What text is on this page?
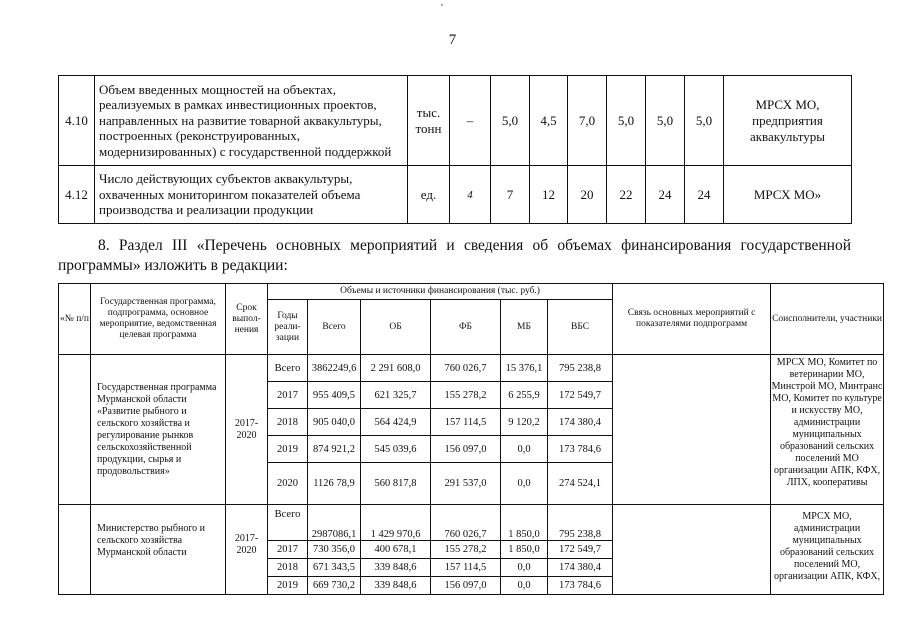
7
4.10	Объем введенных мощностей на объектах, реализуемых в рамках инвестиционных проектов, направленных на развитие товарной аквакультуры, построенных (реконструированных, модернизированных) с государственной поддержкой	тыс. тонн	–	5,0	4,5	7,0	5,0	5,0	5,0	МРСХ МО, предприятия аквакультуры
4.12	Число действующих субъектов аквакультуры, охваченных мониторингом показателей объема производства и реализации продукции	ед.	4	7	12	20	22	24	24	МРСХ МО»
8. Раздел III «Перечень основных мероприятий и сведения об объемах финансирования государственной
программы» изложить в редакции:
«№ п/п	Государственная программа, подпрограмма, основное мероприятие, ведомственная целевая программа	Срок выпол-нения	Объемы и источники финансирования (тыс. руб.)						Связь основных мероприятий с показателями подпрограмм	Соисполнители, участники
			Годы реали-зации	Всего	ОБ	ФБ	МБ	ВБС		
	Государственная программа Мурманской области «Развитие рыбного и сельского хозяйства и регулирование рынков сельскохозяйственной продукции, сырья и продовольствия»	2017-2020	Всего	3862249,6	2 291 608,0	760 026,7	15 376,1	795 238,8		МРСХ МО, Комитет по ветеринарии МО, Минстрой МО, Минтранс МО, Комитет по культуре и искусству МО, администрации муниципальных образований сельских поселений МО организации АПК, КФХ, ЛПХ, кооперативы
			2017	955 409,5	621 325,7	155 278,2	6 255,9	172 549,7		
			2018	905 040,0	564 424,9	157 114,5	9 120,2	174 380,4		
			2019	874 921,2	545 039,6	156 097,0	0,0	173 784,6		
			2020	1126 78,9	560 817,8	291 537,0	0,0	274 524,1		
	Министерство рыбного и сельского хозяйства Мурманской области	2017-2020	Всего	2987086,1	1 429 970,6	760 026,7	1 850,0	795 238,8		МРСХ МО, администрации муниципальных образований сельских поселений МО, организации АПК, КФХ,
			2017	730 356,0	400 678,1	155 278,2	1 850,0	172 549,7		
			2018	671 343,5	339 848,6	157 114,5	0,0	174 380,4		
			2019	669 730,2	339 848,6	156 097,0	0,0	173 784,6		
